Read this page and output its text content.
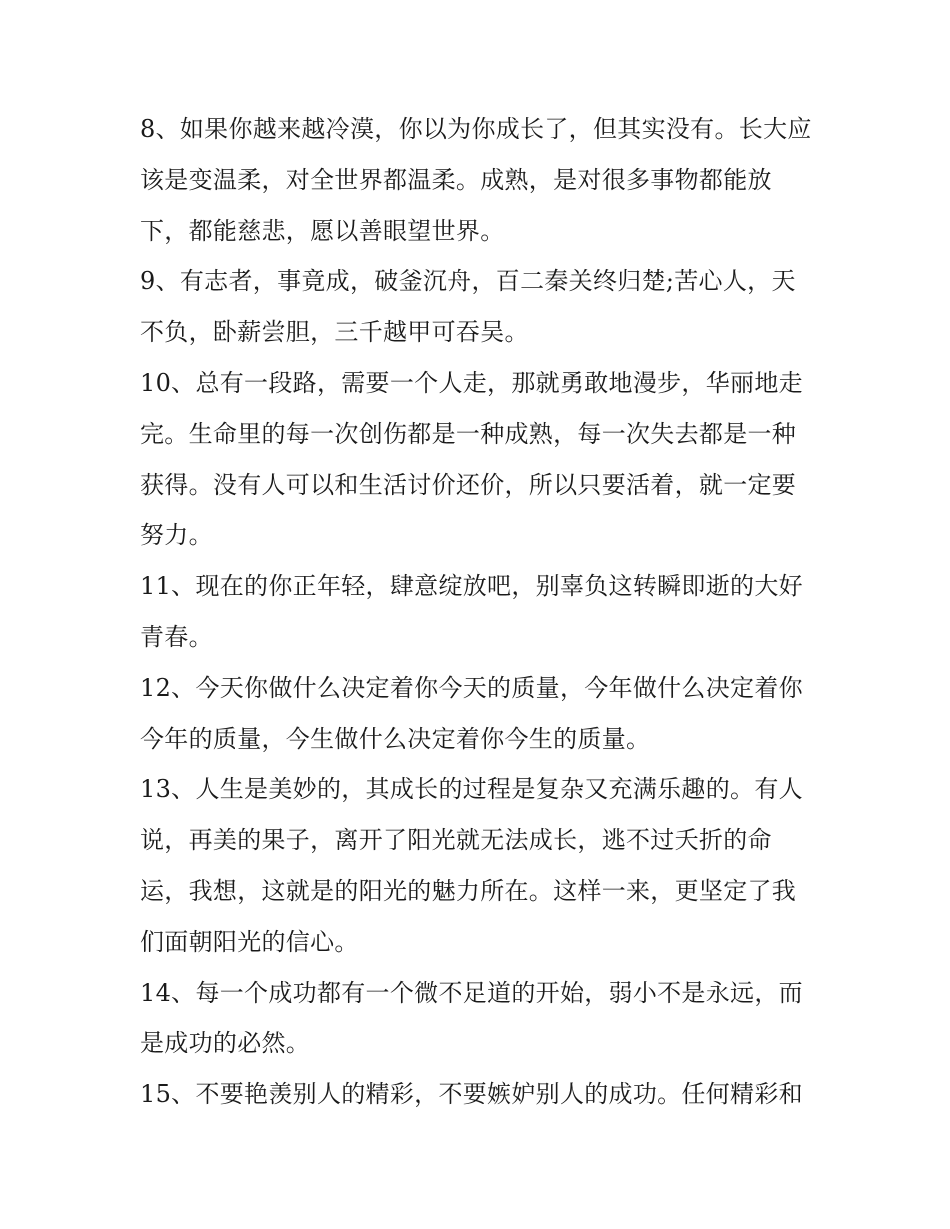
8、如果你越来越冷漠，你以为你成长了，但其实没有。长大应该是变温柔，对全世界都温柔。成熟，是对很多事物都能放下，都能慈悲，愿以善眼望世界。

9、有志者，事竟成，破釜沉舟，百二秦关终归楚;苦心人，天不负，卧薪尝胆，三千越甲可吞吴。

10、总有一段路，需要一个人走，那就勇敢地漫步，华丽地走完。生命里的每一次创伤都是一种成熟，每一次失去都是一种获得。没有人可以和生活讨价还价，所以只要活着，就一定要努力。

11、现在的你正年轻，肆意绽放吧，别辜负这转瞬即逝的大好青春。

12、今天你做什么决定着你今天的质量，今年做什么决定着你今年的质量，今生做什么决定着你今生的质量。

13、人生是美妙的，其成长的过程是复杂又充满乐趣的。有人说，再美的果子，离开了阳光就无法成长，逃不过夭折的命运，我想，这就是的阳光的魅力所在。这样一来，更坚定了我们面朝阳光的信心。

14、每一个成功都有一个微不足道的开始，弱小不是永远，而是成功的必然。

15、不要艳羡别人的精彩，不要嫉妒别人的成功。任何精彩和
